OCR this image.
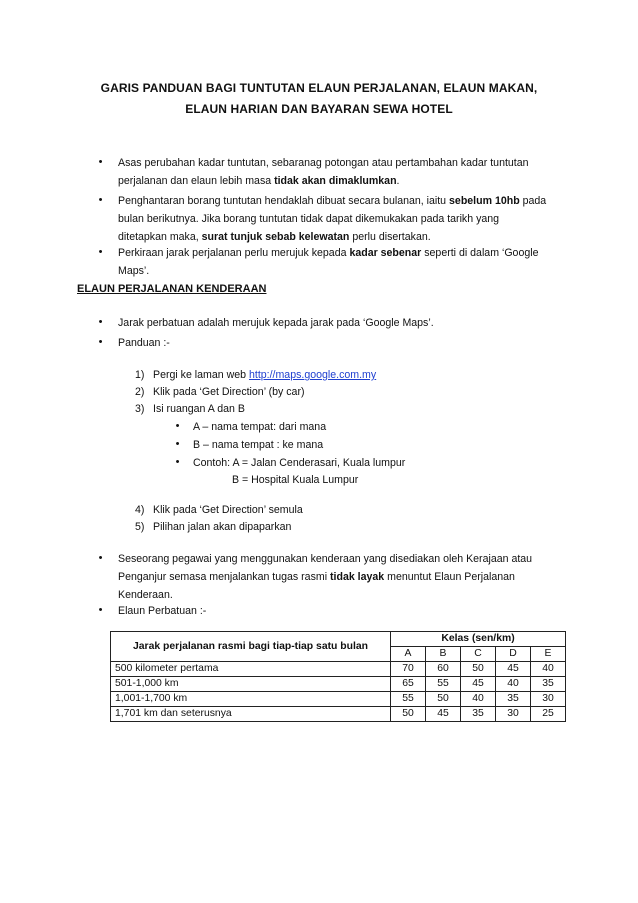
GARIS PANDUAN BAGI TUNTUTAN ELAUN PERJALANAN, ELAUN MAKAN,
ELAUN HARIAN DAN BAYARAN SEWA HOTEL
• Asas perubahan kadar tuntutan, sebaranag potongan atau pertambahan kadar tuntutan
perjalanan dan elaun lebih masa tidak akan dimaklumkan.
• Penghantaran borang tuntutan hendaklah dibuat secara bulanan, iaitu sebelum 10hb pada
bulan berikutnya. Jika borang tuntutan tidak dapat dikemukakan pada tarikh yang
ditetapkan maka, surat tunjuk sebab kelewatan perlu disertakan.
• Perkiraan jarak perjalanan perlu merujuk kepada kadar sebenar seperti di dalam ‘Google
Maps’.
ELAUN PERJALANAN KENDERAAN
• Jarak perbatuan adalah merujuk kepada jarak pada ‘Google Maps’.
• Panduan :-
1) Pergi ke laman web http://maps.google.com.my
2) Klik pada ‘Get Direction’ (by car)
3) Isi ruangan A dan B
• A – nama tempat: dari mana
• B – nama tempat : ke mana
• Contoh: A = Jalan Cenderasari, Kuala lumpur
B = Hospital Kuala Lumpur
4) Klik pada ‘Get Direction’ semula
5) Pilihan jalan akan dipaparkan
• Seseorang pegawai yang menggunakan kenderaan yang disediakan oleh Kerajaan atau
Penganjur semasa menjalankan tugas rasmi tidak layak menuntut Elaun Perjalanan
Kenderaan.
• Elaun Perbatuan :-
Jarak perjalanan rasmi bagi tiap-tiap satu bulan	Kelas (sen/km)				
	A	B	C	D	E
500 kilometer pertama	70	60	50	45	40
501-1,000 km	65	55	45	40	35
1,001-1,700 km	55	50	40	35	30
1,701 km dan seterusnya	50	45	35	30	25
